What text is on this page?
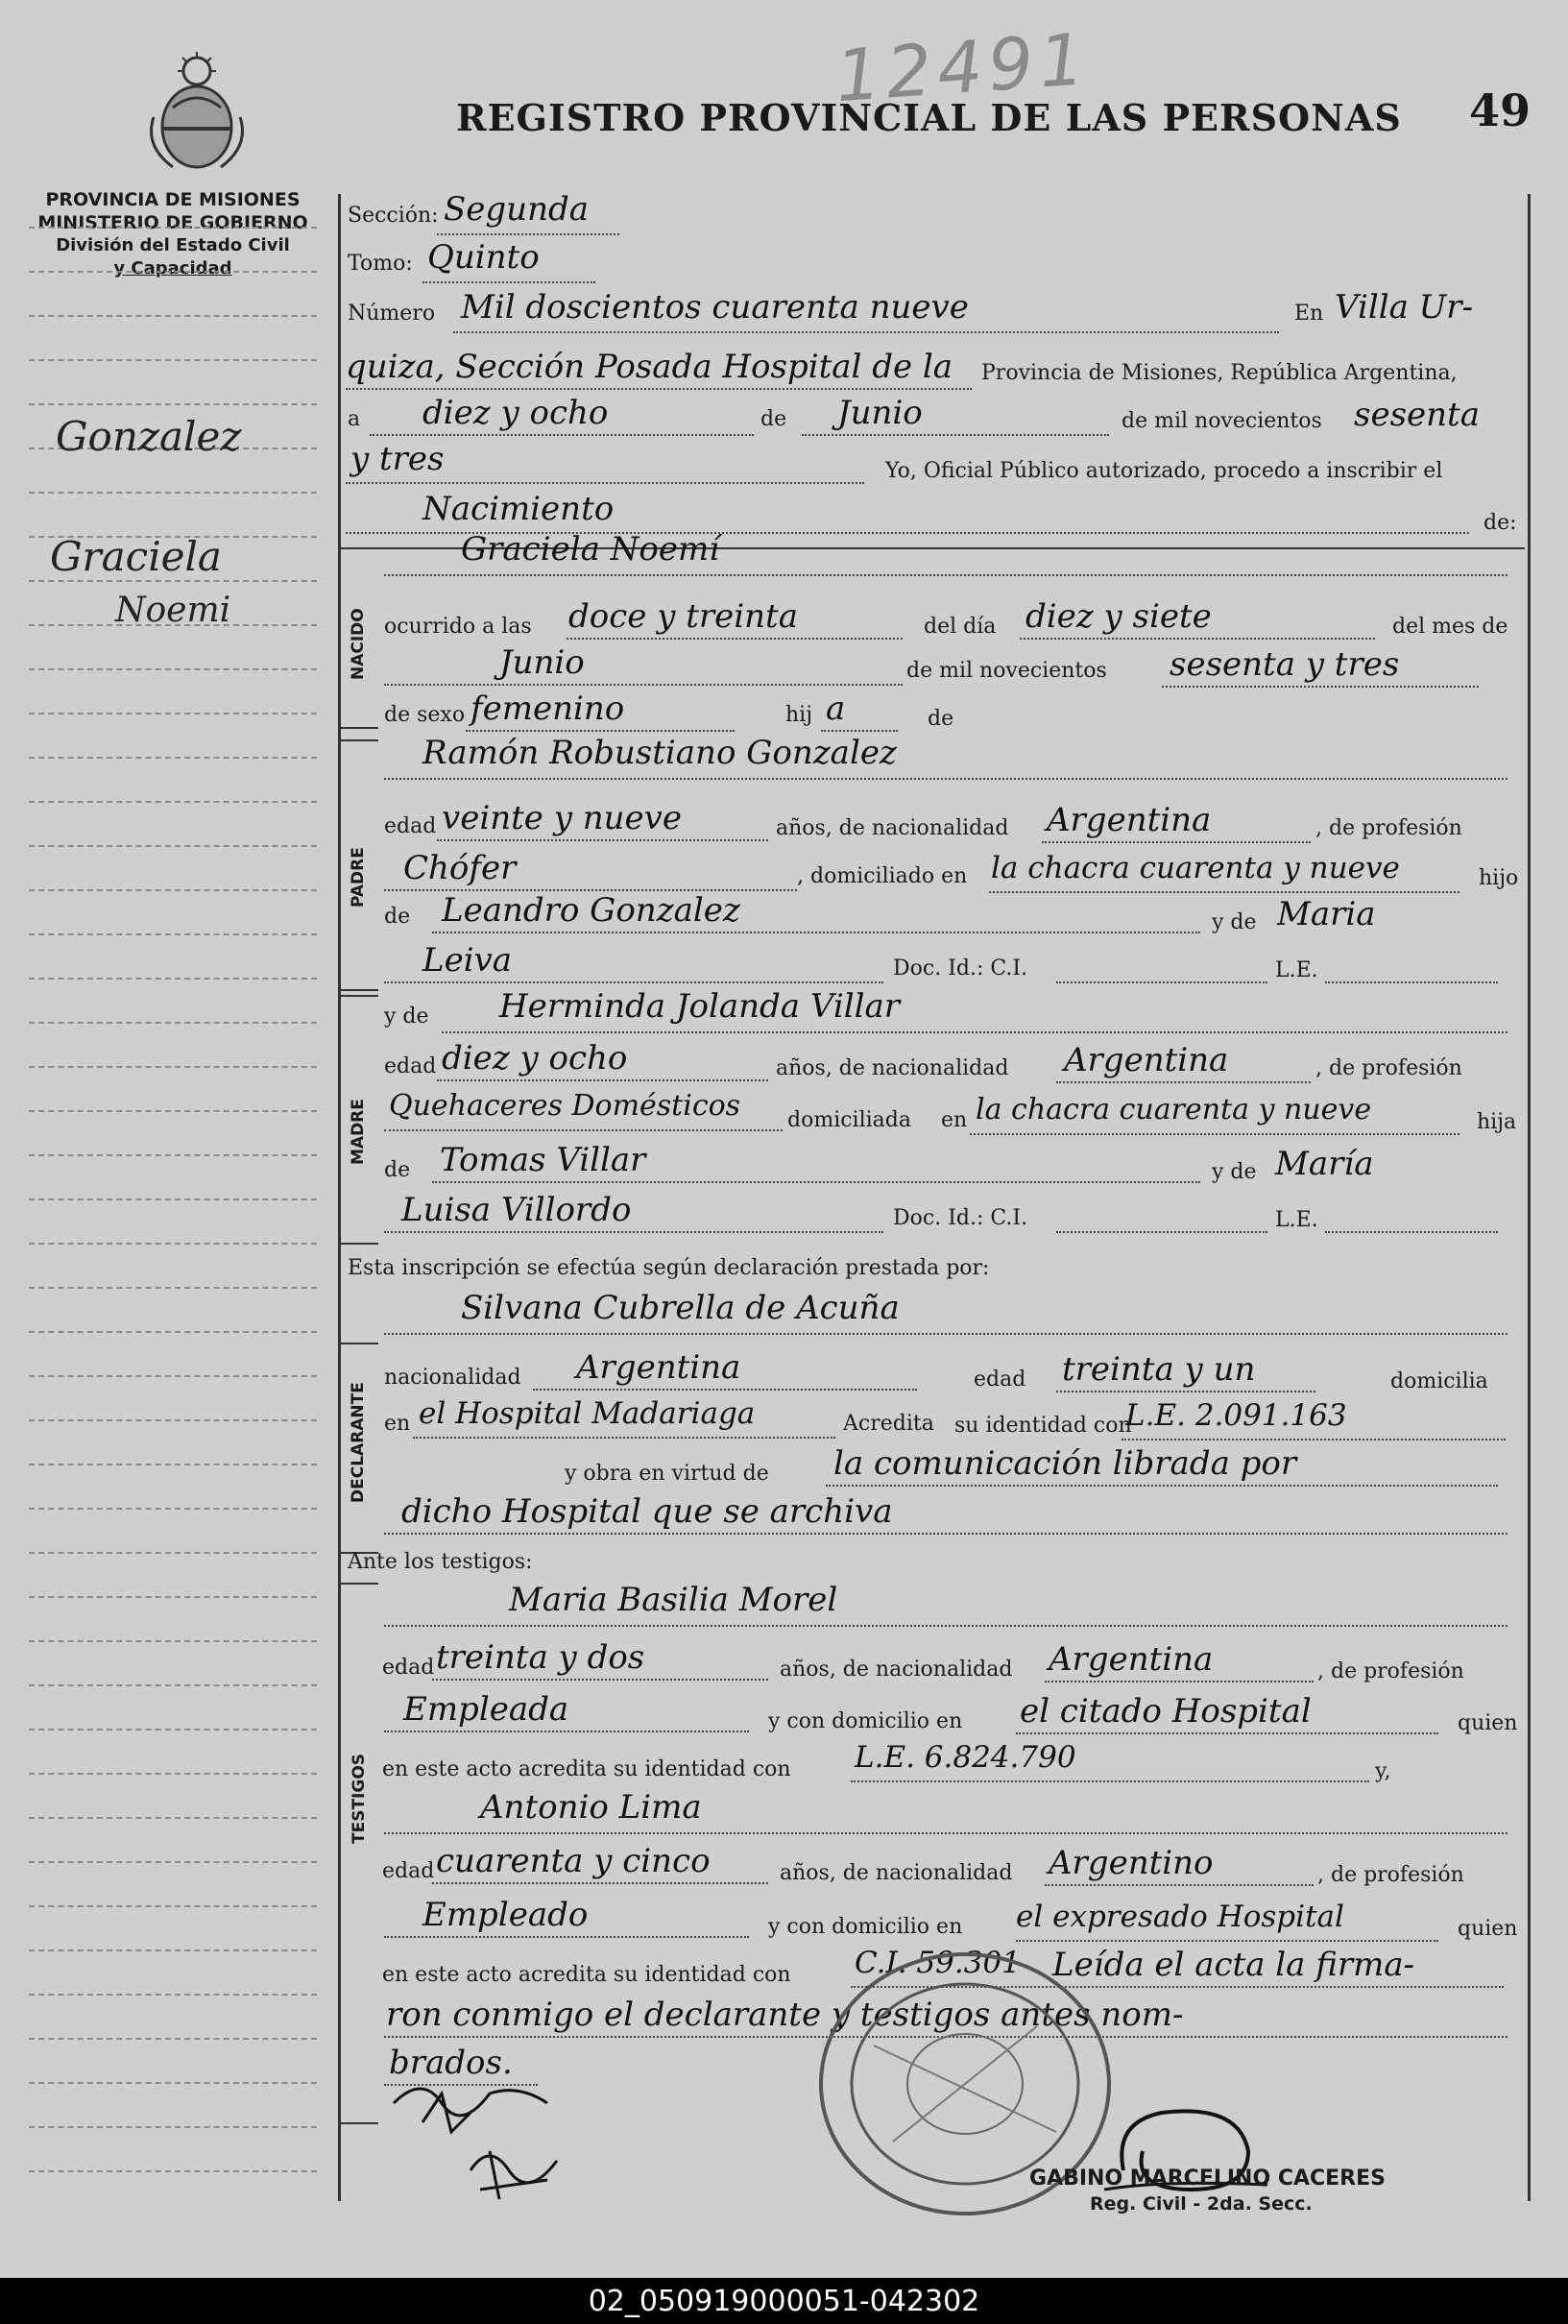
12491
REGISTRO PROVINCIAL DE LAS PERSONAS 49
PROVINCIA DE MISIONES
MINISTERIO DE GOBIERNO
División del Estado Civil
y Capacidad
Gonzalez
Graciela
Noemi
Sección: Segunda
Tomo: Quinto
Número Mil doscientos cuarenta nueve	En Villa Ur-
quiza, Sección Posada Hospital de la Provincia de Misiones, República Argentina,
a diez y ocho	de Junio	de mil novecientos sesenta
y tres	Yo, Oficial Público autorizado, procedo a inscribir el
Nacimiento	de:
NACIDO
Graciela Noemí
ocurrido a las doce y treinta	del día diez y siete	del mes de
Junio	de mil novecientos sesenta y tres
de sexo femenino	hij a	de
PADRE
Ramón Robustiano Gonzalez
edad veinte y nueve	años, de nacionalidad Argentina	, de profesión
Chófer	, domiciliado en la chacra cuarenta y nueve	hijo
de Leandro Gonzalez	y de Maria
Leiva	Doc. Id.: C.I.	L.E.
MADRE
y de Herminda Jolanda Villar
edad diez y ocho	años, de nacionalidad Argentina	, de profesión
Quehaceres Domésticos domiciliada en la chacra cuarenta y nueve	hija
de Tomas Villar	y de María
Luisa Villordo	Doc. Id.: C.I.	L.E.
Esta inscripción se efectúa según declaración prestada por:
DECLARANTE
Silvana Cubrella de Acuña
nacionalidad Argentina	edad treinta y un	domicilia
en el Hospital Madariaga	Acredita su identidad con
L.E. 2.091.163
y obra en virtud de la comunicación librada por
dicho Hospital que se archiva
Ante los testigos:
TESTIGOS
Maria Basilia Morel
edad treinta y dos	años, de nacionalidad Argentina	, de profesión
Empleada	y con domicilio en el citado Hospital	quien
en este acto acredita su identidad con L.E. 6.824.790	y,
Antonio Lima
edad cuarenta y cinco	años, de nacionalidad Argentino	, de profesión
Empleado	y con domicilio en el expresado Hospital	quien
en este acto acredita su identidad con C.I. 59.301 Leída el acta la firma-
ron conmigo el declarante y testigos antes nom-
brados.
GABINO MARCELINO CACERES
Reg. Civil - 2da. Secc.
02_050919000051-042302
